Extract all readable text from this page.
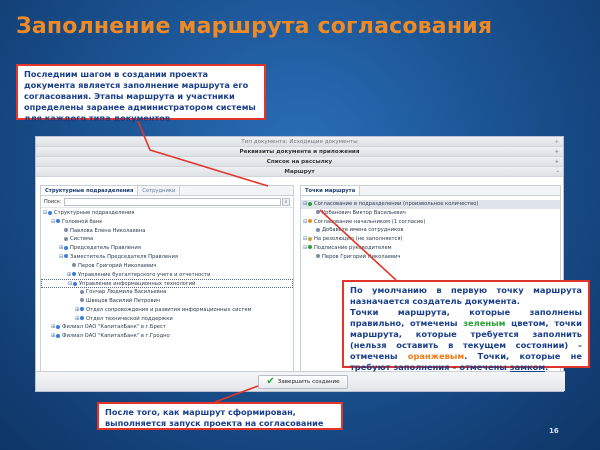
Заполнение маршрута согласования
Последним шагом в создании проекта документа является заполнение маршрута его согласования. Этапы маршрута и участники определены заранее администратором системы для каждого типа документов
Тип документа: Исходящие документы	+
Реквизиты документа и приложения	+
Список на рассылку	+
Маршрут	–
Структурные подразделения	Сотрудники
Поиск:	⌕
⊟ Структурные подразделения
⊟ Головной банк
Павлова Елена Николаевна
Система
⊞ Председатель Правления
⊟ Заместитель Председателя Правления
Перов Григорий Николаевич
⊞ Управление бухгалтерского учета и отчетности
⊟ Управление информационных технологий
Гончар Людмила Васильевна
Швецов Василий Петрович
⊞ Отдел сопровождения и развития информационных систем
⊞ Отдел технической поддержки
⊞ Филиал ОАО "КапиталБанк" в г.Брест
⊞ Филиал ОАО "КапиталБанк" в г.Гродно
Точки маршрута
⊟ Согласование в подразделении (произвольное количество)
Урбанович Виктор Васильевич
⊟ Согласование начальником (1 согласие)
Добавьте имена сотрудников
⊟ На резолюцию (не заполняется)
⊟ Подписание руководителем
Перов Григорий Николаевич
✔ Завершить создание
По умолчанию в первую точку маршрута назначается создатель документа.
Точки маршрута, которые заполнены правильно, отмечены зеленым цветом, точки маршрута, которые требуется заполнить (нельзя оставить в текущем состоянии) – отмечены оранжевым. Точки, которые не требуют заполнения – отмечены замком.
После того, как маршрут сформирован, выполняется запуск проекта на согласование
16
